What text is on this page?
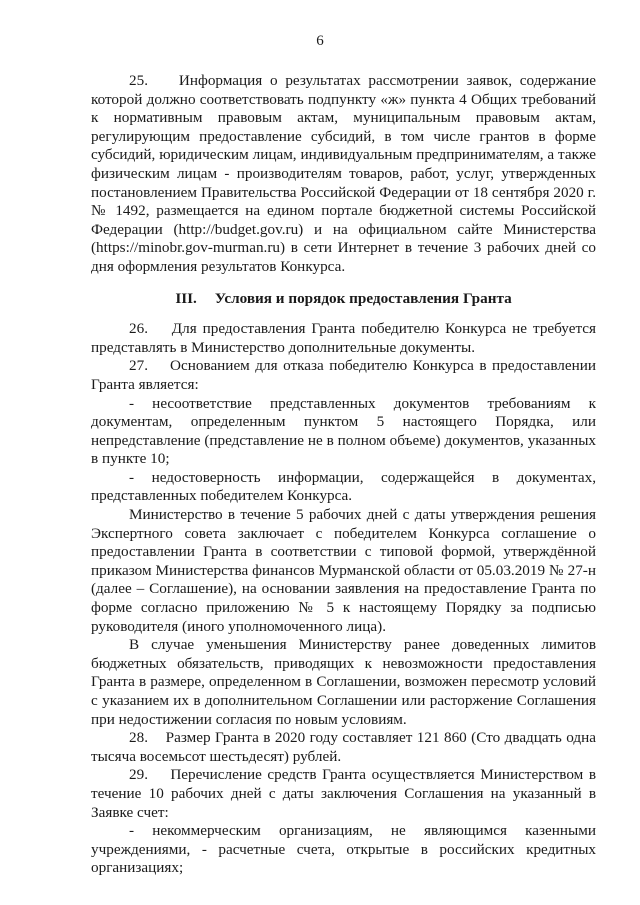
6

25.    Информация о результатах рассмотрении заявок, содержание которой должно соответствовать подпункту «ж» пункта 4 Общих требований к нормативным правовым актам, муниципальным правовым актам, регулирующим предоставление субсидий, в том числе грантов в форме субсидий, юридическим лицам, индивидуальным предпринимателям, а также физическим лицам - производителям товаров, работ, услуг, утвержденных постановлением Правительства Российской Федерации от 18 сентября 2020 г. № 1492, размещается на едином портале бюджетной системы Российской Федерации (http://budget.gov.ru) и на официальном сайте Министерства (https://minobr.gov-murman.ru) в сети Интернет в течение 3 рабочих дней со дня оформления результатов Конкурса.

III. Условия и порядок предоставления Гранта

26.    Для предоставления Гранта победителю Конкурса не требуется представлять в Министерство дополнительные документы.

27.    Основанием для отказа победителю Конкурса в предоставлении Гранта является:

- несоответствие представленных документов требованиям к документам, определенным пунктом 5 настоящего Порядка, или непредставление (представление не в полном объеме) документов, указанных в пункте 10;

- недостоверность информации, содержащейся в документах, представленных победителем Конкурса.

Министерство в течение 5 рабочих дней с даты утверждения решения Экспертного совета заключает с победителем Конкурса соглашение о предоставлении Гранта в соответствии с типовой формой, утверждённой приказом Министерства финансов Мурманской области от 05.03.2019 № 27-н (далее – Соглашение), на основании заявления на предоставление Гранта по форме согласно приложению № 5 к настоящему Порядку за подписью руководителя (иного уполномоченного лица).

В случае уменьшения Министерству ранее доведенных лимитов бюджетных обязательств, приводящих к невозможности предоставления Гранта в размере, определенном в Соглашении, возможен пересмотр условий с указанием их в дополнительном Соглашении или расторжение Соглашения при недостижении согласия по новым условиям.

28.    Размер Гранта в 2020 году составляет 121 860 (Сто двадцать одна тысяча восемьсот шестьдесят) рублей.

29.    Перечисление средств Гранта осуществляется Министерством в течение 10 рабочих дней с даты заключения Соглашения на указанный в Заявке счет:

- некоммерческим организациям, не являющимся казенными учреждениями, - расчетные счета, открытые в российских кредитных организациях;
